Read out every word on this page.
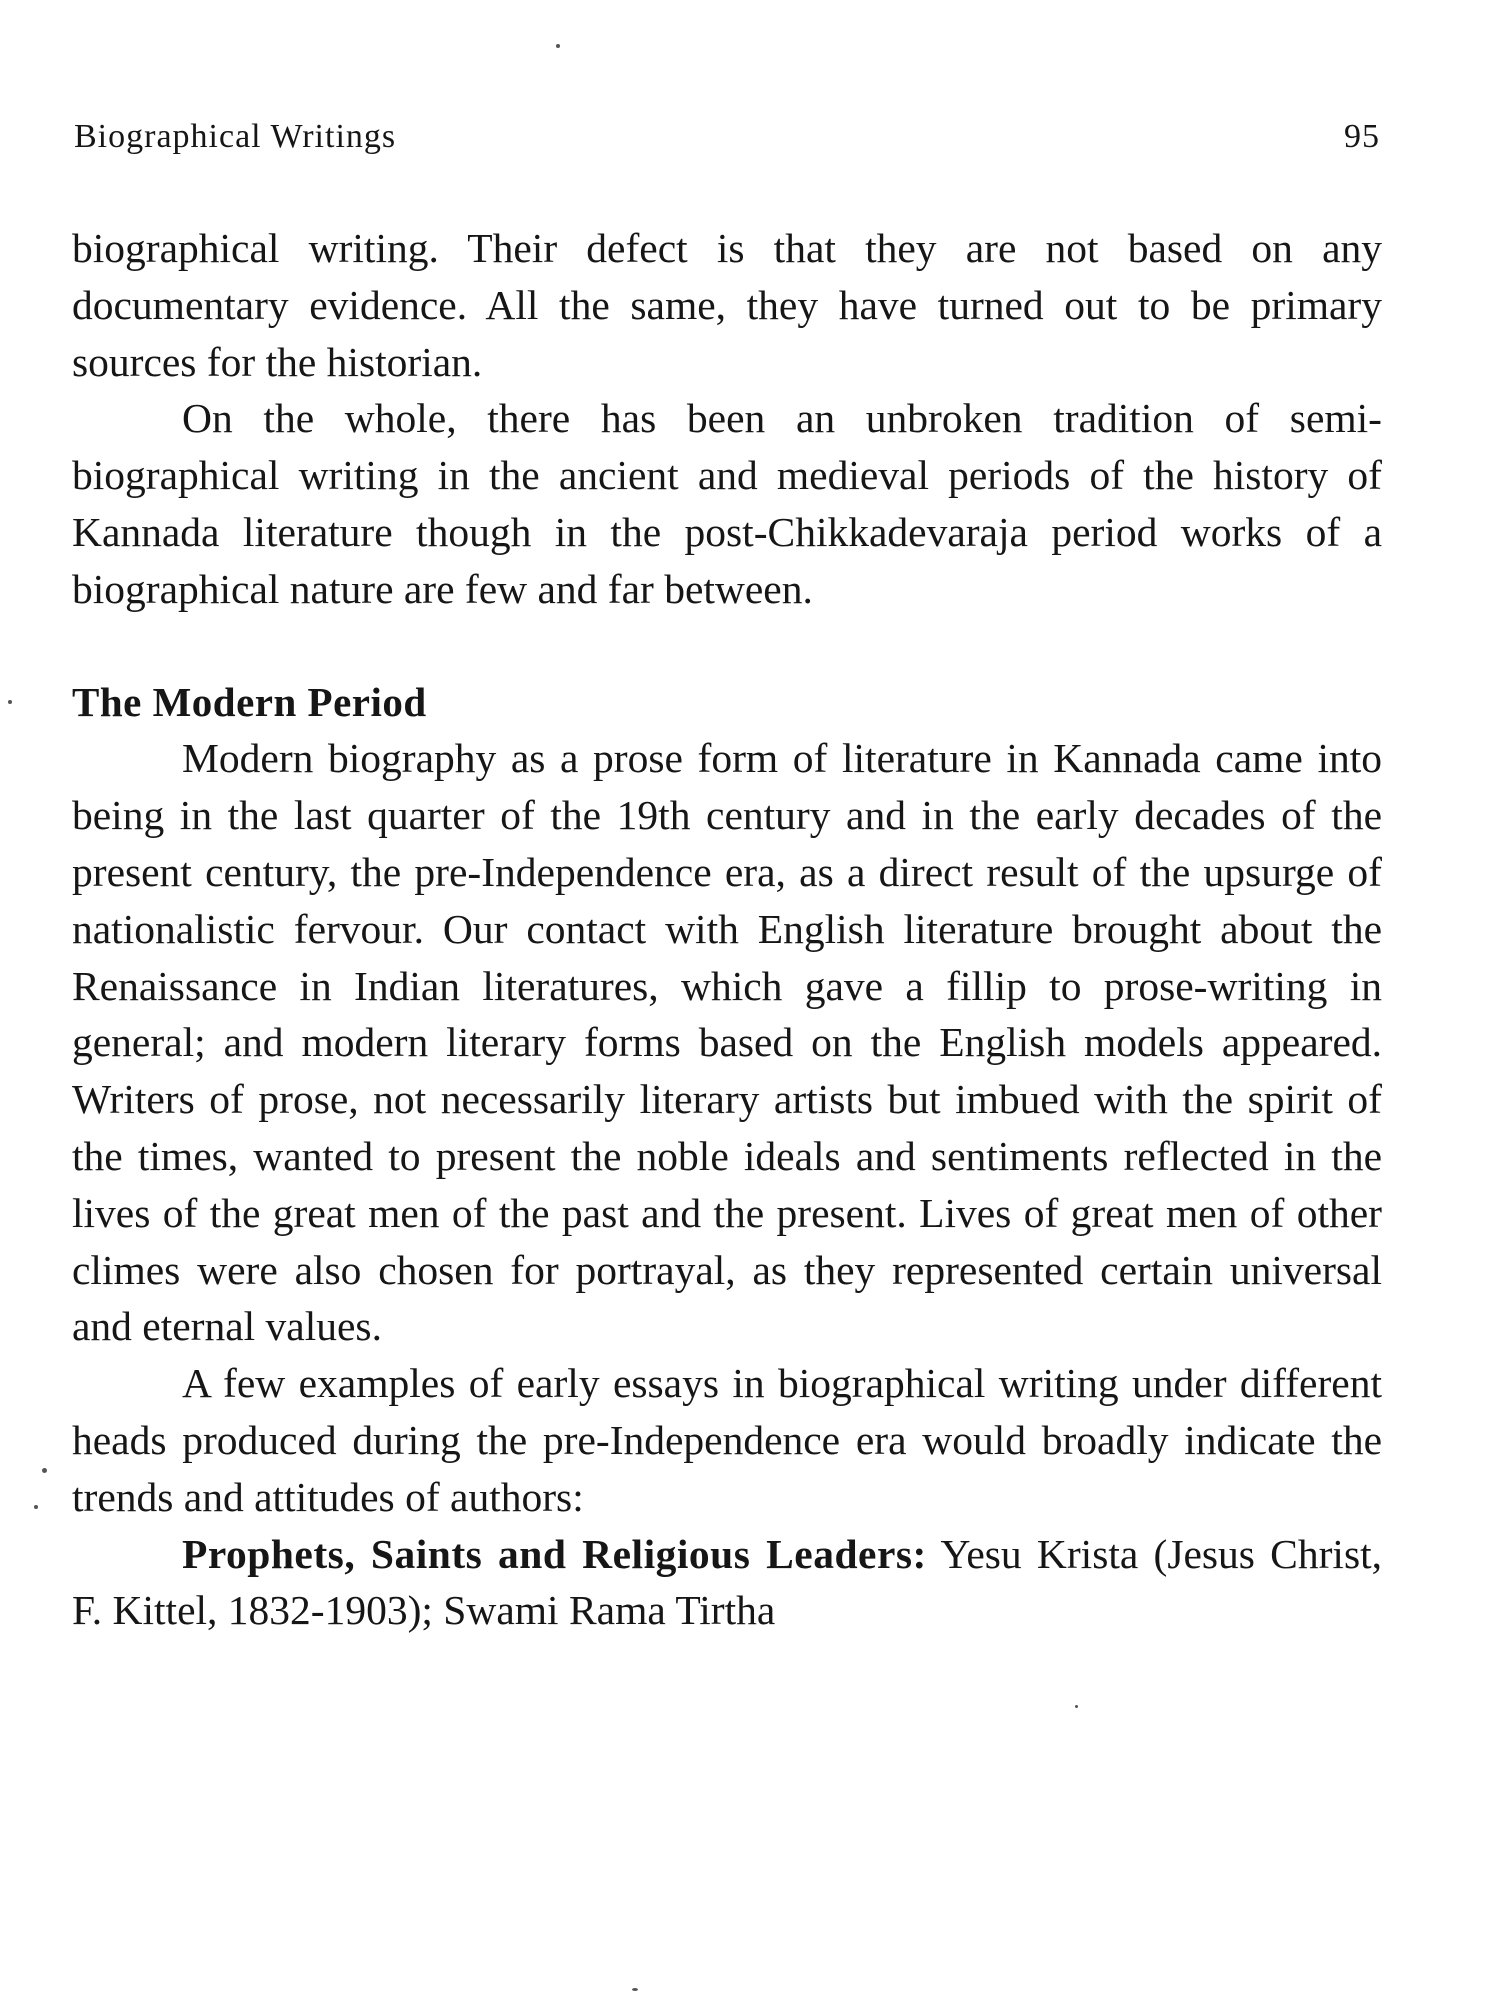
Biographical Writings	95

biographical writing. Their defect is that they are not based on any documentary evidence. All the same, they have turned out to be primary sources for the historian.

On the whole, there has been an unbroken tradition of semi-biographical writing in the ancient and medieval periods of the history of Kannada literature though in the post-Chikkadevaraja period works of a biographical nature are few and far between.

The Modern Period

Modern biography as a prose form of literature in Kannada came into being in the last quarter of the 19th century and in the early decades of the present century, the pre-Independence era, as a direct result of the upsurge of nationalistic fervour. Our contact with English literature brought about the Renaissance in Indian literatures, which gave a fillip to prose-writing in general; and modern literary forms based on the English models appeared. Writers of prose, not necessarily literary artists but imbued with the spirit of the times, wanted to present the noble ideals and sentiments reflected in the lives of the great men of the past and the present. Lives of great men of other climes were also chosen for portrayal, as they represented certain universal and eternal values.

A few examples of early essays in biographical writing under different heads produced during the pre-Independence era would broadly indicate the trends and attitudes of authors:

Prophets, Saints and Religious Leaders: Yesu Krista (Jesus Christ, F. Kittel, 1832-1903); Swami Rama Tirtha
